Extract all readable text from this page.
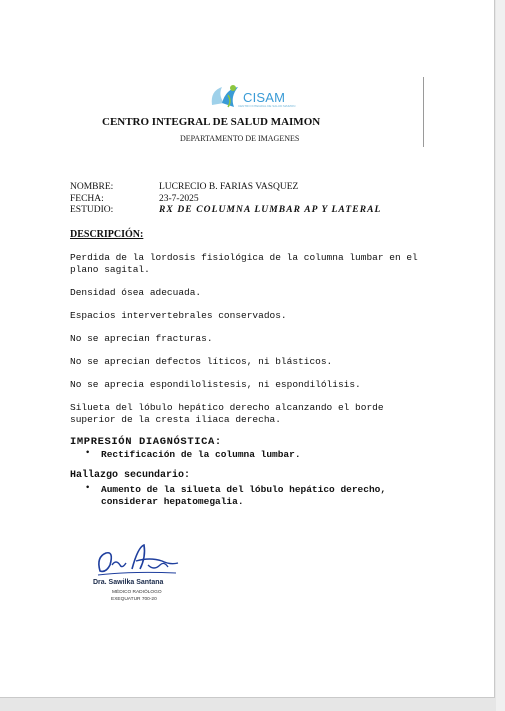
CISAM
CENTRO INTEGRAL DE SALUD MAIMON
CENTRO INTEGRAL DE SALUD MAIMON
DEPARTAMENTO DE IMAGENES
NOMBRE:	LUCRECIO B. FARIAS VASQUEZ
FECHA:	23-7-2025
ESTUDIO:	RX DE COLUMNA LUMBAR AP Y LATERAL
DESCRIPCIÓN:
Perdida de la lordosis fisiológica de la columna lumbar en el plano sagital.
Densidad ósea adecuada.
Espacios intervertebrales conservados.
No se aprecian fracturas.
No se aprecian defectos líticos, ni blásticos.
No se aprecia espondilolistesis, ni espondilólisis.
Silueta del lóbulo hepático derecho alcanzando el borde superior de la cresta iliaca derecha.
IMPRESIÓN DIAGNÓSTICA:
• Rectificación de la columna lumbar.
Hallazgo secundario:
• Aumento de la silueta del lóbulo hepático derecho, considerar hepatomegalia.
Dra. Sawilka Santana
MÉDICO RADIÓLOGO
EXEQUATUR 700-20
